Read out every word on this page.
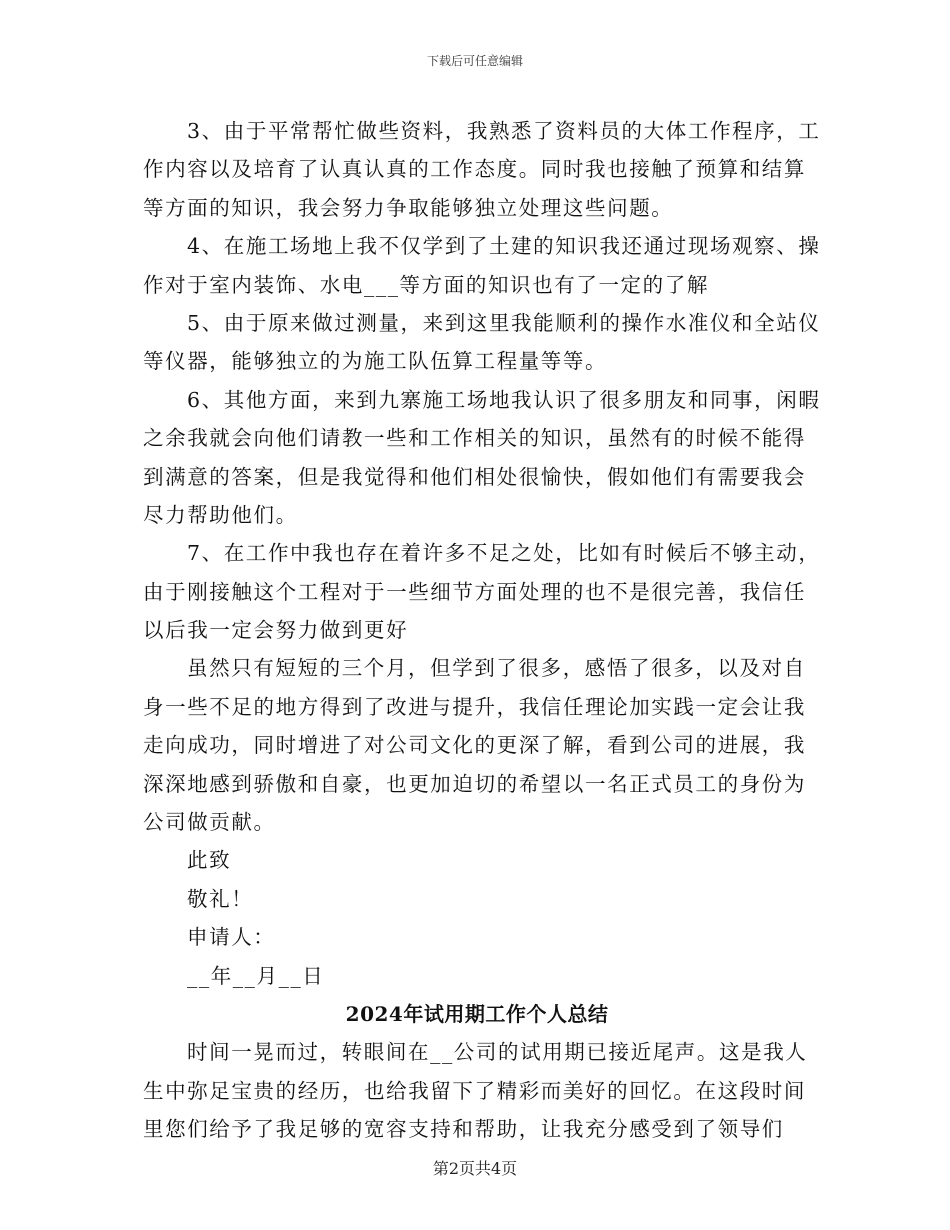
下载后可任意编辑
3、由于平常帮忙做些资料，我熟悉了资料员的大体工作程序，工
作内容以及培育了认真认真的工作态度。同时我也接触了预算和结算
等方面的知识，我会努力争取能够独立处理这些问题。
4、在施工场地上我不仅学到了土建的知识我还通过现场观察、操
作对于室内装饰、水电___等方面的知识也有了一定的了解
5、由于原来做过测量，来到这里我能顺利的操作水准仪和全站仪
等仪器，能够独立的为施工队伍算工程量等等。
6、其他方面，来到九寨施工场地我认识了很多朋友和同事，闲暇
之余我就会向他们请教一些和工作相关的知识，虽然有的时候不能得
到满意的答案，但是我觉得和他们相处很愉快，假如他们有需要我会
尽力帮助他们。
7、在工作中我也存在着许多不足之处，比如有时候后不够主动，
由于刚接触这个工程对于一些细节方面处理的也不是很完善，我信任
以后我一定会努力做到更好
虽然只有短短的三个月，但学到了很多，感悟了很多，以及对自
身一些不足的地方得到了改进与提升，我信任理论加实践一定会让我
走向成功，同时增进了对公司文化的更深了解，看到公司的进展，我
深深地感到骄傲和自豪，也更加迫切的希望以一名正式员工的身份为
公司做贡献。
此致
敬礼！
申请人：
__年__月__日
2024年试用期工作个人总结
时间一晃而过，转眼间在__公司的试用期已接近尾声。这是我人
生中弥足宝贵的经历，也给我留下了精彩而美好的回忆。在这段时间
里您们给予了我足够的宽容支持和帮助，让我充分感受到了领导们
第2页共4页
